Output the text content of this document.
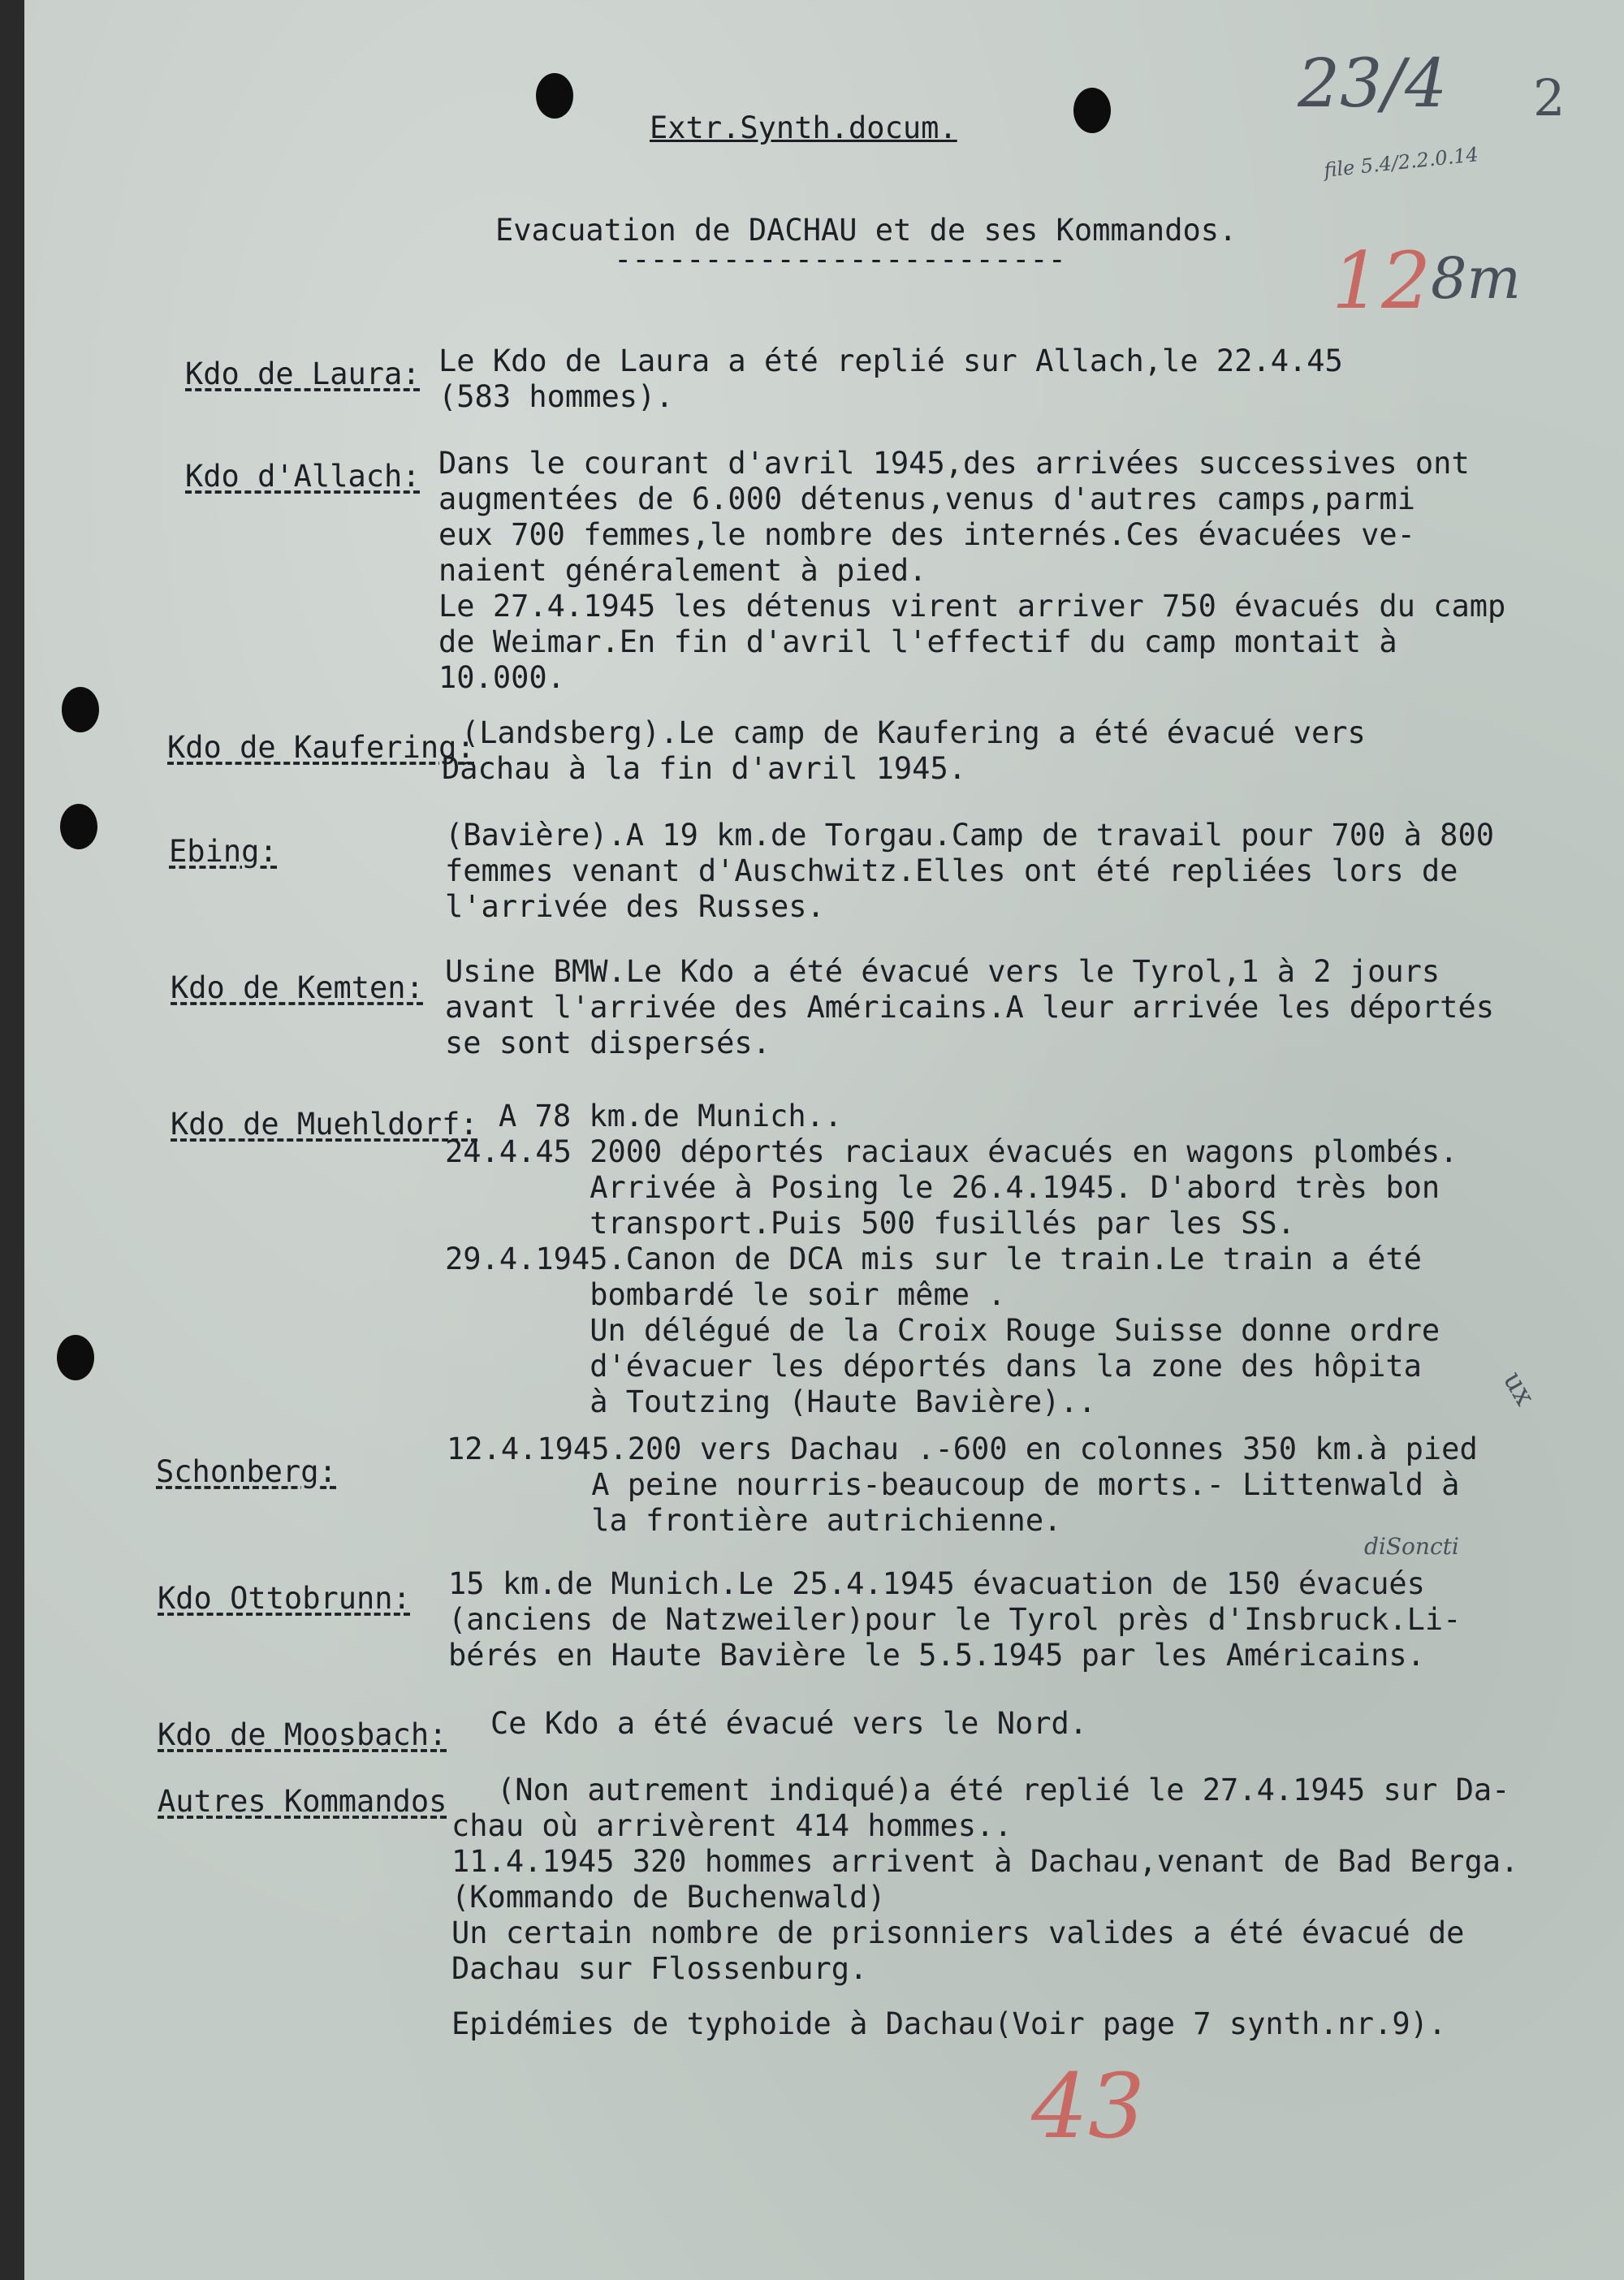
Extr.Synth.docum.
Evacuation de DACHAU et de ses Kommandos.
-------------------------
23/4 2
file 5.4/2.2.0.14
12 8m
diSoncti
43
ux
Kdo de Laura: Le Kdo de Laura a été replié sur Allach,le 22.4.45
(583 hommes).
Kdo d'Allach: Dans le courant d'avril 1945,des arrivées successives ont
augmentées de 6.000 détenus,venus d'autres camps,parmi
eux 700 femmes,le nombre des internés.Ces évacuées ve-
naient généralement à pied.
Le 27.4.1945 les détenus virent arriver 750 évacués du camp
de Weimar.En fin d'avril l'effectif du camp montait à
10.000.
Kdo de Kaufering:
(Landsberg).Le camp de Kaufering a été évacué vers
Dachau à la fin d'avril 1945.
Ebing:	(Bavière).A 19 km.de Torgau.Camp de travail pour 700 à 800
femmes venant d'Auschwitz.Elles ont été repliées lors de
l'arrivée des Russes.
Kdo de Kemten: Usine BMW.Le Kdo a été évacué vers le Tyrol,1 à 2 jours
avant l'arrivée des Américains.A leur arrivée les déportés
se sont dispersés.
Kdo de Muehldorf: A 78 km.de Munich..
24.4.45 2000 déportés raciaux évacués en wagons plombés.
Arrivée à Posing le 26.4.1945. D'abord très bon
transport.Puis 500 fusillés par les SS.
29.4.1945.Canon de DCA mis sur le train.Le train a été
bombardé le soir même .
Un délégué de la Croix Rouge Suisse donne ordre
d'évacuer les déportés dans la zone des hôpita
à Toutzing (Haute Bavière)..
Schonberg:
12.4.1945.200 vers Dachau .-600 en colonnes 350 km.à pied
A peine nourris-beaucoup de morts.- Littenwald à
la frontière autrichienne.
Kdo Ottobrunn: 15 km.de Munich.Le 25.4.1945 évacuation de 150 évacués
(anciens de Natzweiler)pour le Tyrol près d'Insbruck.Li-
bérés en Haute Bavière le 5.5.1945 par les Américains.
Kdo de Moosbach: Ce Kdo a été évacué vers le Nord.
Autres Kommandos (Non autrement indiqué)a été replié le 27.4.1945 sur Da-
chau où arrivèrent 414 hommes..
11.4.1945 320 hommes arrivent à Dachau,venant de Bad Berga.
(Kommando de Buchenwald)
Un certain nombre de prisonniers valides a été évacué de
Dachau sur Flossenburg.
Epidémies de typhoide à Dachau(Voir page 7 synth.nr.9).
